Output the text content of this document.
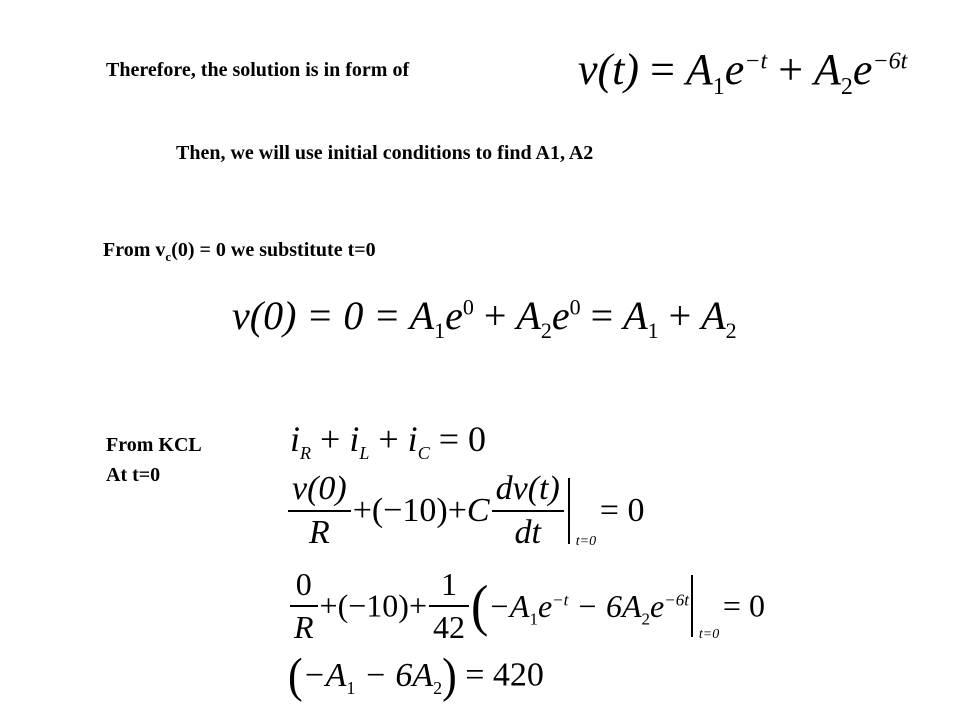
Therefore, the solution is in form of	$v(t) = A_1e^{-t} + A_2e^{-6t}$
Then, we will use initial conditions to find A1, A2
From $v_c(0) = 0$ we substitute t=0
$v(0) = 0 = A_1e^0 + A_2e^0 = A_1 + A_2$
From KCL
At t=0
$i_R + i_L + i_C = 0$
$\frac{v(0)}{R} +(-10)+C \frac{dv(t)}{dt} t=0$
= 0
$\frac{0}{R} +(-10)+ \frac{1}{42} (-A_1e^{-t} - 6A_2e^{-6t}$
t=0
= 0
$(-A_1 - 6A_2) = 420$
